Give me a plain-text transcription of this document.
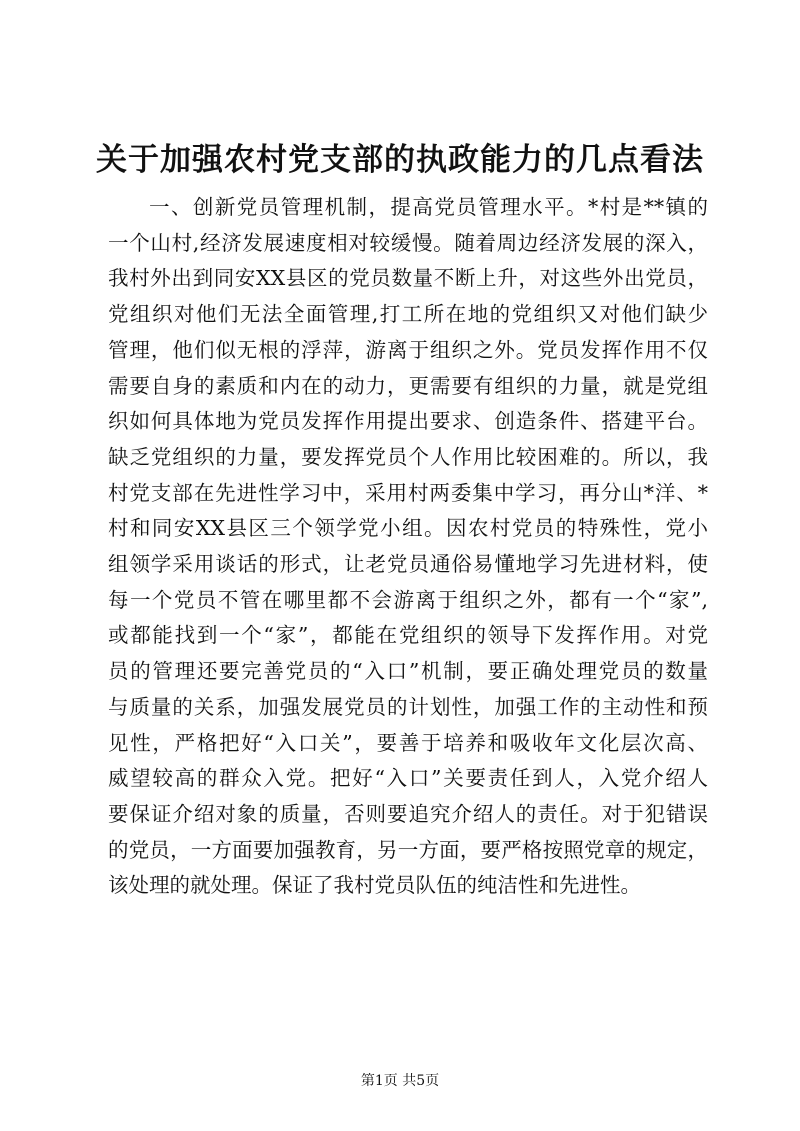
关于加强农村党支部的执政能力的几点看法
一、创新党员管理机制，提高党员管理水平。*村是**镇的
一个山村,经济发展速度相对较缓慢。随着周边经济发展的深入，
我村外出到同安XX县区的党员数量不断上升，对这些外出党员，
党组织对他们无法全面管理,打工所在地的党组织又对他们缺少
管理，他们似无根的浮萍，游离于组织之外。党员发挥作用不仅
需要自身的素质和内在的动力，更需要有组织的力量，就是党组
织如何具体地为党员发挥作用提出要求、创造条件、搭建平台。
缺乏党组织的力量，要发挥党员个人作用比较困难的。所以，我
村党支部在先进性学习中，采用村两委集中学习，再分山*洋、*
村和同安XX县区三个领学党小组。因农村党员的特殊性，党小
组领学采用谈话的形式，让老党员通俗易懂地学习先进材料，使
每一个党员不管在哪里都不会游离于组织之外，都有一个“家”,
或都能找到一个“家”，都能在党组织的领导下发挥作用。对党
员的管理还要完善党员的“入口”机制，要正确处理党员的数量
与质量的关系，加强发展党员的计划性，加强工作的主动性和预
见性，严格把好“入口关”，要善于培养和吸收年文化层次高、
威望较高的群众入党。把好“入口”关要责任到人，入党介绍人
要保证介绍对象的质量，否则要追究介绍人的责任。对于犯错误
的党员，一方面要加强教育，另一方面，要严格按照党章的规定，
该处理的就处理。保证了我村党员队伍的纯洁性和先进性。
第1页 共5页
